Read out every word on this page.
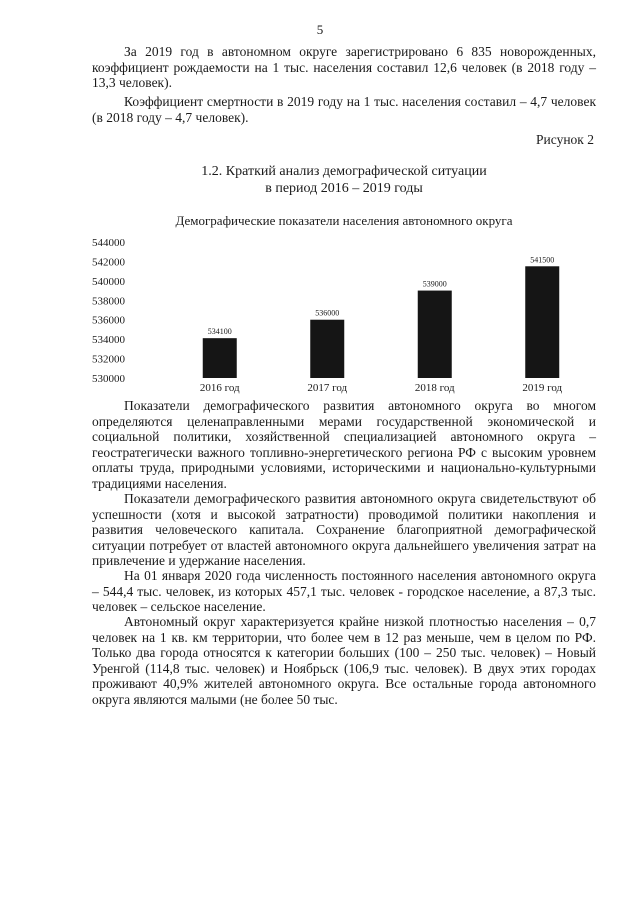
5

За 2019 год в автономном округе зарегистрировано 6 835 новорожденных, коэффициент рождаемости на 1 тыс. населения составил 12,6 человек (в 2018 году – 13,3 человек).

Коэффициент смертности в 2019 году на 1 тыс. населения составил – 4,7 человек (в 2018 году – 4,7 человек).

Рисунок 2
1.2. Краткий анализ демографической ситуации
в период 2016 – 2019 годы
Демографические показатели населения автономного округа
544000
542000
540000
538000
536000
534000
532000
530000
534100
2016 год
536000
2017 год
539000
2018 год
541500
2019 год

Показатели демографического развития автономного округа во многом определяются целенаправленными мерами государственной экономической и социальной политики, хозяйственной специализацией автономного округа – геостратегически важного топливно-энергетического региона РФ с высоким уровнем оплаты труда, природными условиями, историческими и национально-культурными традициями населения.

Показатели демографического развития автономного округа свидетельствуют об успешности (хотя и высокой затратности) проводимой политики накопления и развития человеческого капитала. Сохранение благоприятной демографической ситуации потребует от властей автономного округа дальнейшего увеличения затрат на привлечение и удержание населения.

На 01 января 2020 года численность постоянного населения автономного округа – 544,4 тыс. человек, из которых 457,1 тыс. человек - городское население, а 87,3 тыс. человек – сельское население.

Автономный округ характеризуется крайне низкой плотностью населения – 0,7 человек на 1 кв. км территории, что более чем в 12 раз меньше, чем в целом по РФ. Только два города относятся к категории больших (100 – 250 тыс. человек) – Новый Уренгой (114,8 тыс. человек) и Ноябрьск (106,9 тыс. человек). В двух этих городах проживают 40,9% жителей автономного округа. Все остальные города автономного округа являются малыми (не более 50 тыс.
